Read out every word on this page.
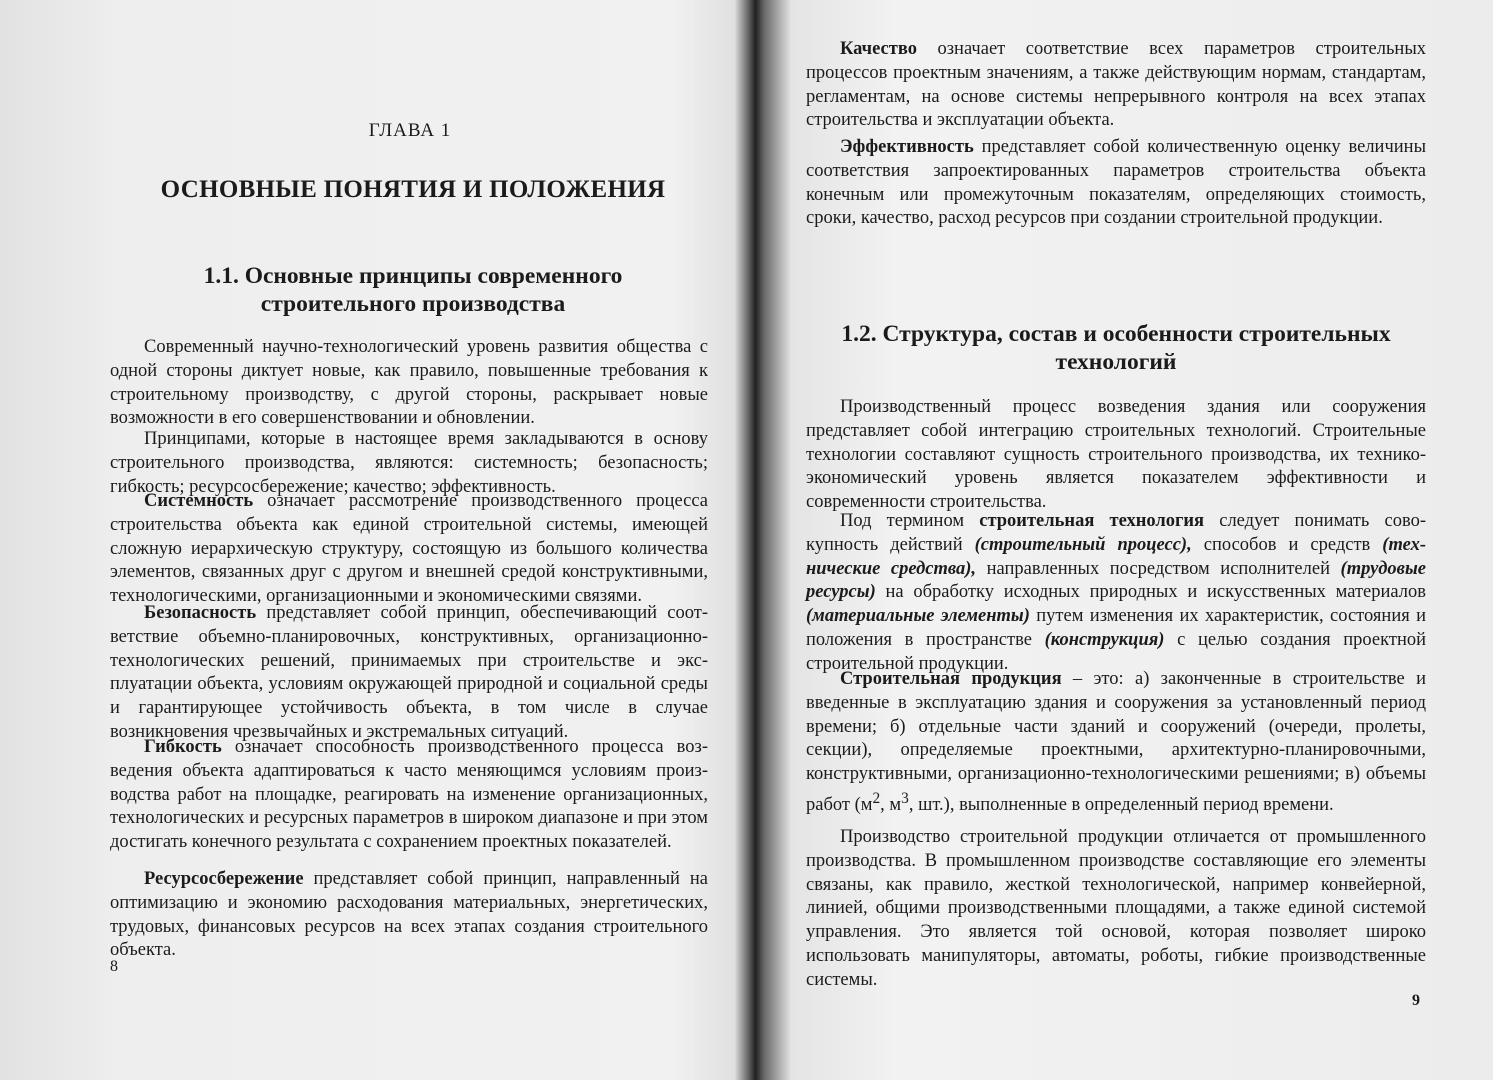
ГЛАВА 1
ОСНОВНЫЕ ПОНЯТИЯ И ПОЛОЖЕНИЯ
1.1. Основные принципы современного
строительного производства

Современный научно-технологический уровень развития общества с одной стороны диктует новые, как правило, повышенные требования к строительному производству, с другой стороны, раскрывает новые возможности в его совершенствовании и обновлении.

Принципами, которые в настоящее время закладываются в основу строительного производства, являются: системность; безопасность; гибкость; ресурсосбережение; качество; эффективность.

Системность означает рассмотрение производственного процесса строительства объекта как единой строительной системы, имеющей сложную иерархическую структуру, состоящую из большого количества элементов, связанных друг с другом и внешней средой конструктивными, технологическими, организационными и экономическими связями.

Безопасность представляет собой принцип, обеспечивающий соответствие объемно-планировочных, конструктивных, организационно-технологических решений, принимаемых при строительстве и эксплуатации объекта, условиям окружающей природной и социальной среды и гарантирующее устойчивость объекта, в том числе в случае возникновения чрезвычайных и экстремальных ситуаций.

Гибкость означает способность производственного процесса возведения объекта адаптироваться к часто меняющимся условиям производства работ на площадке, реагировать на изменение организационных, технологических и ресурсных параметров в широком диапазоне и при этом достигать конечного результата с сохранением проектных показателей.

Ресурсосбережение представляет собой принцип, направленный на оптимизацию и экономию расходования материальных, энергетических, трудовых, финансовых ресурсов на всех этапах создания строительного объекта.

8

Качество означает соответствие всех параметров строительных процессов проектным значениям, а также действующим нормам, стандартам, регламентам, на основе системы непрерывного контроля на всех этапах строительства и эксплуатации объекта.

Эффективность представляет собой количественную оценку величины соответствия запроектированных параметров строительства объекта конечным или промежуточным показателям, определяющих стоимость, сроки, качество, расход ресурсов при создании строительной продукции.

1.2. Структура, состав и особенности строительных
технологий

Производственный процесс возведения здания или сооружения представляет собой интеграцию строительных технологий. Строительные технологии составляют сущность строительного производства, их технико-экономический уровень является показателем эффективности и современности строительства.

Под термином строительная технология следует понимать совокупность действий (строительный процесс), способов и средств (технические средства), направленных посредством исполнителей (трудовые ресурсы) на обработку исходных природных и искусственных материалов (материальные элементы) путем изменения их характеристик, состояния и положения в пространстве (конструкция) с целью создания проектной строительной продукции.

Строительная продукция – это: а) законченные в строительстве и введенные в эксплуатацию здания и сооружения за установленный период времени; б) отдельные части зданий и сооружений (очереди, пролеты, секции), определяемые проектными, архитектурно-планировочными, конструктивными, организационно-технологическими решениями; в) объемы работ ($м^2$, $м^3$, шт.), выполненные в определенный период времени.

Производство строительной продукции отличается от промышленного производства. В промышленном производстве составляющие его элементы связаны, как правило, жесткой технологической, например конвейерной, линией, общими производственными площадями, а также единой системой управления. Это является той основой, которая позволяет широко использовать манипуляторы, автоматы, роботы, гибкие производственные системы.

9
